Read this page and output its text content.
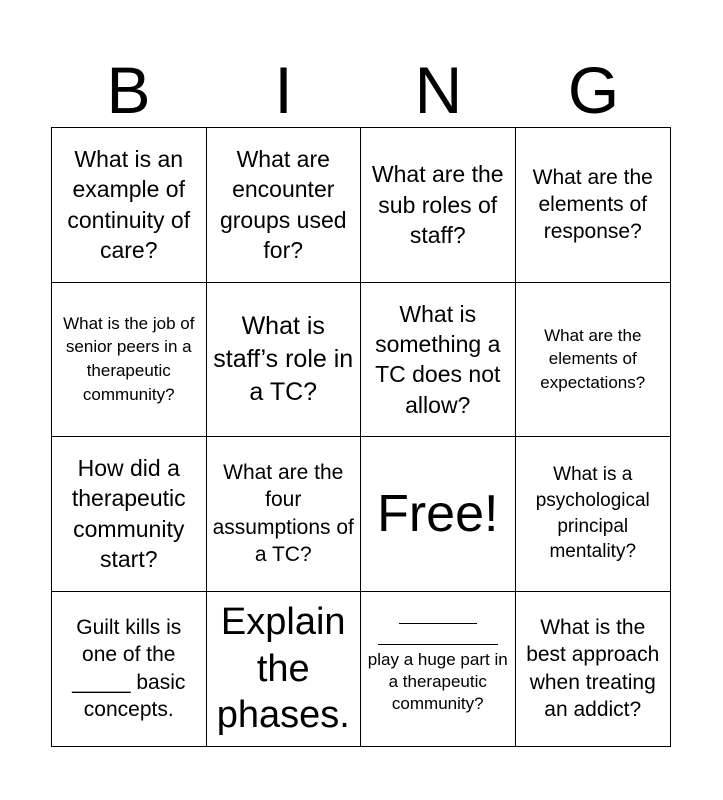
B	I	N	G
What is an example of continuity of care?
What are encounter groups used for?
What are the sub roles of staff?
What are the elements of response?
What is the job of senior peers in a therapeutic community?
What is staff’s role in a TC?
What is something a TC does not allow?
What are the elements of expectations?
How did a therapeutic community start?
What are the four assumptions of a TC?
Free!
What is a psychological principal mentality?
Guilt kills is one of the _____ basic concepts.
Explain the phases.
play a huge part in a therapeutic community?
What is the best approach when treating an addict?
